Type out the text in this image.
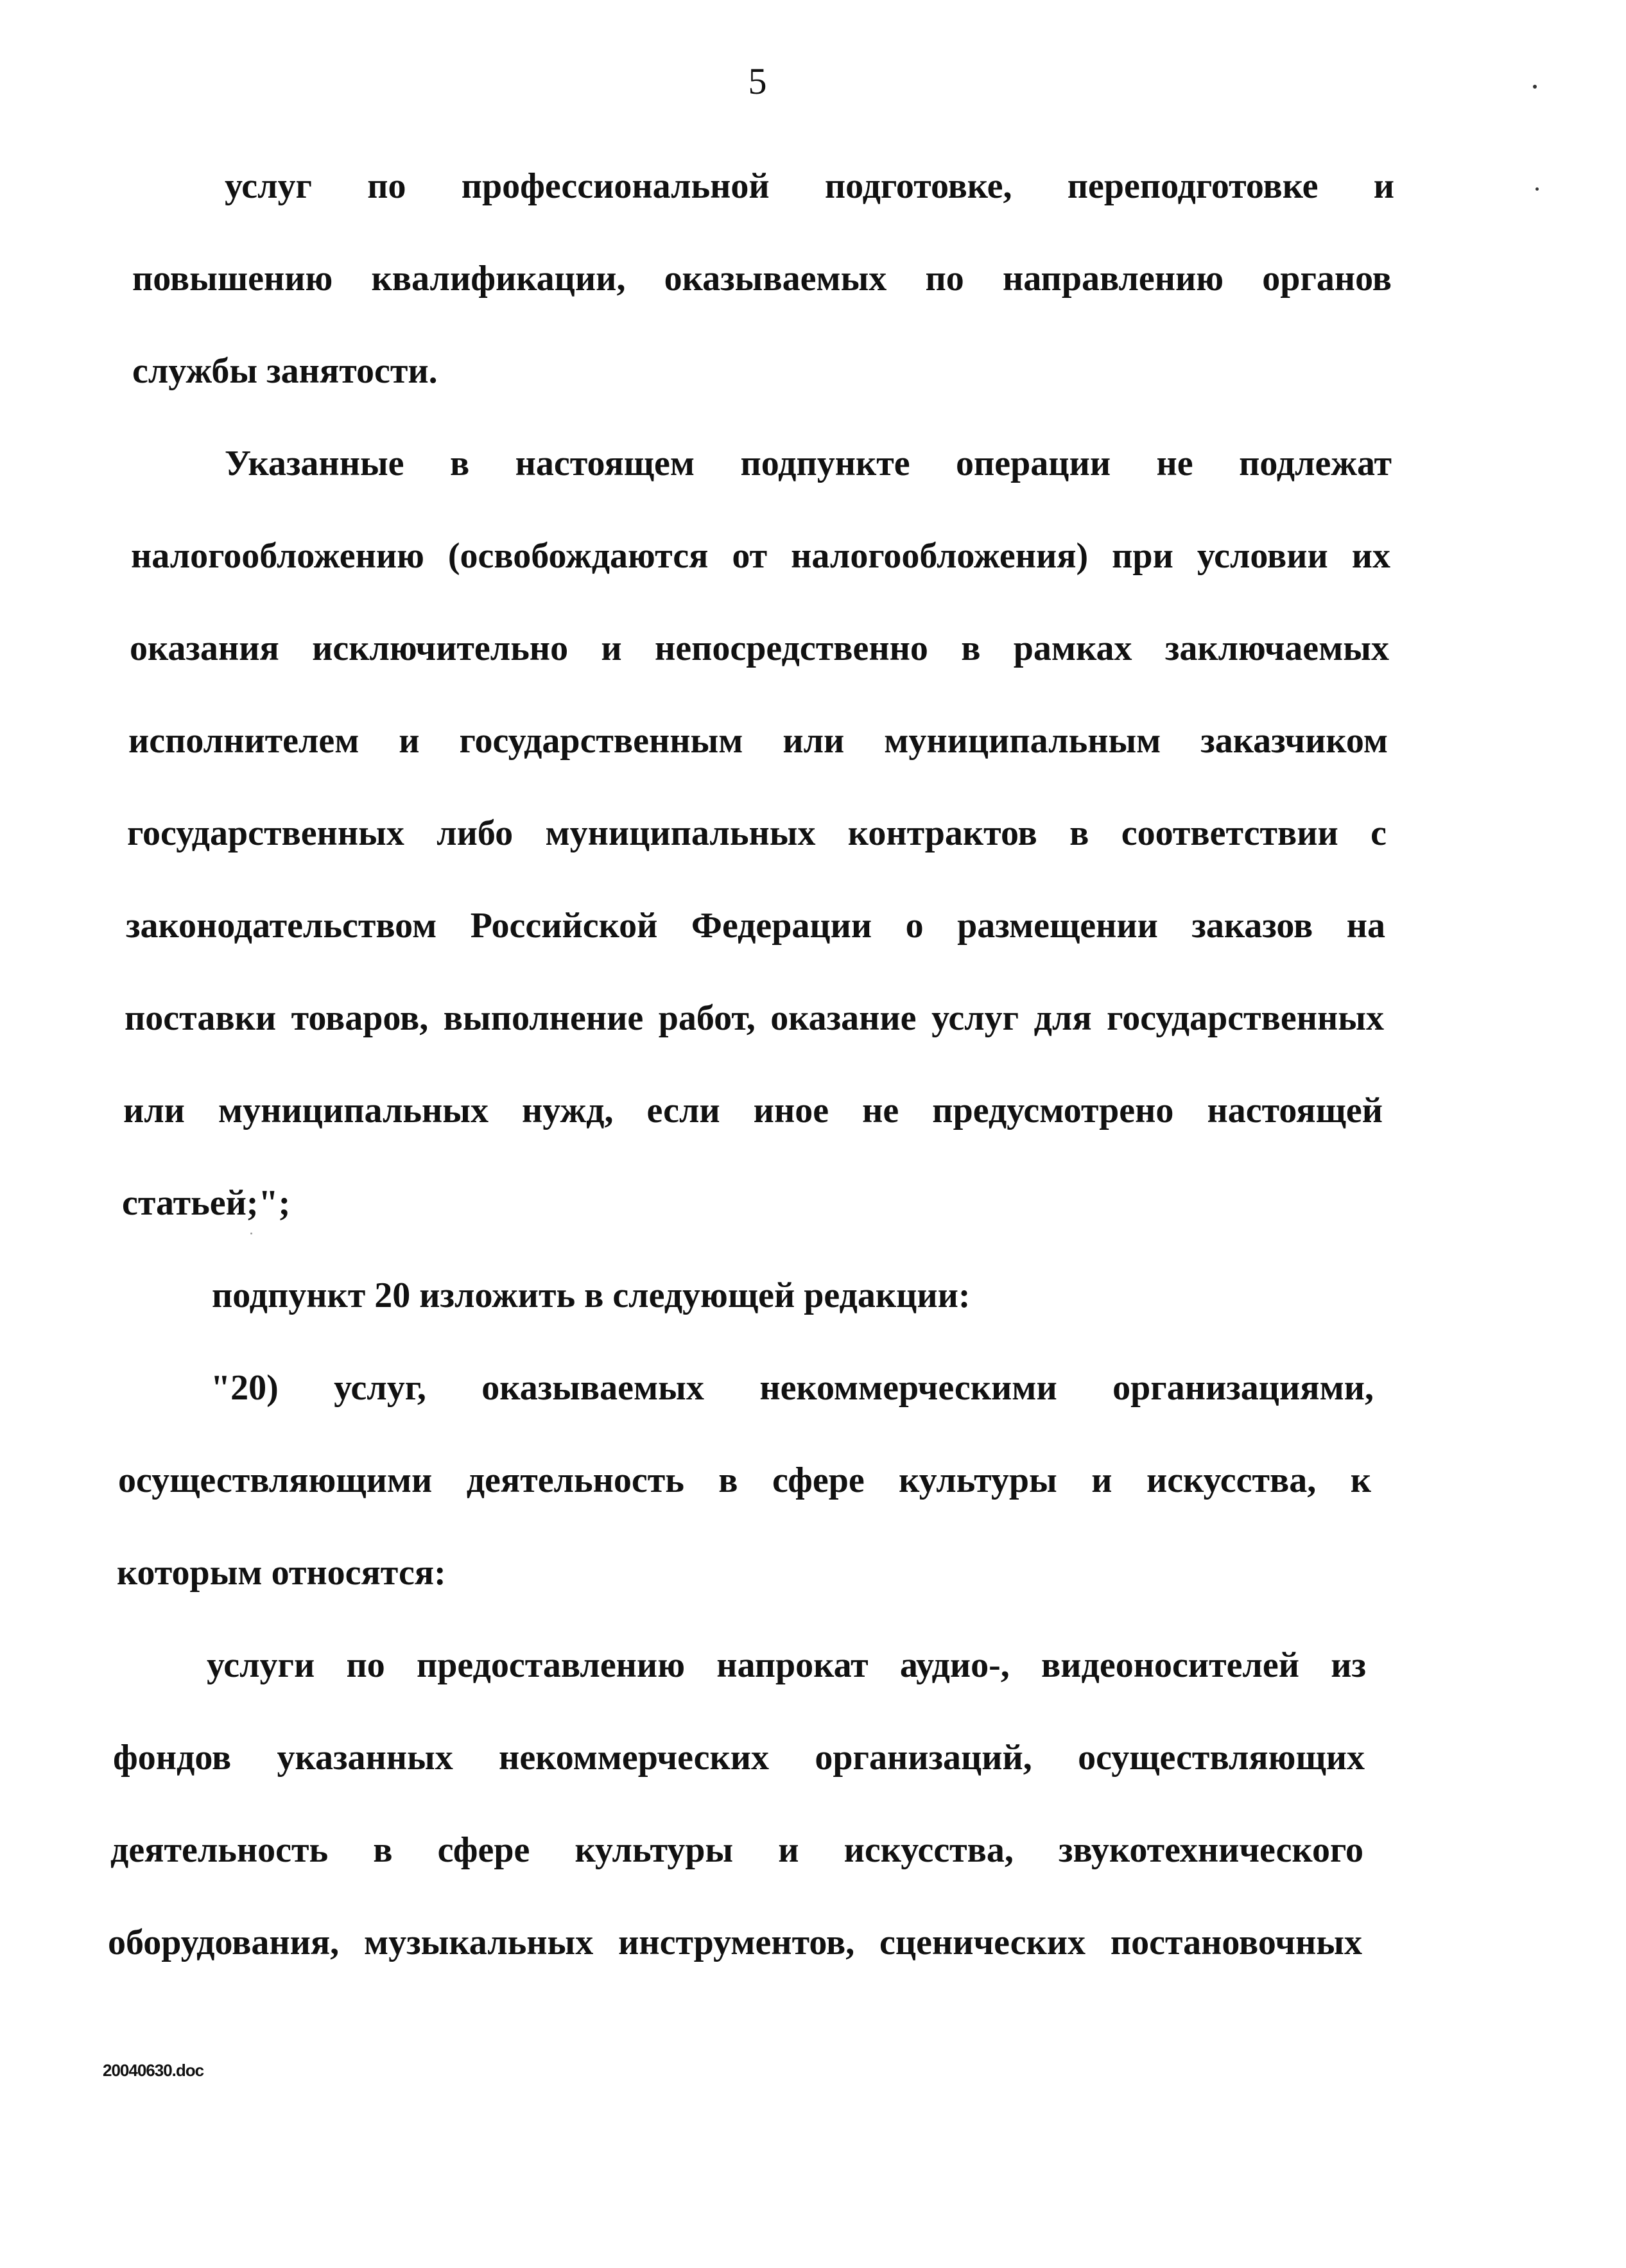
5
услуг по профессиональной подготовке, переподготовке и
повышению квалификации, оказываемых по направлению органов
службы занятости.
Указанные в настоящем подпункте операции не подлежат
налогообложению (освобождаются от налогообложения) при условии их
оказания исключительно и непосредственно в рамках заключаемых
исполнителем и государственным или муниципальным заказчиком
государственных либо муниципальных контрактов в соответствии с
законодательством Российской Федерации о размещении заказов на
поставки товаров, выполнение работ, оказание услуг для государственных
или муниципальных нужд, если иное не предусмотрено настоящей
статьей;";
подпункт 20 изложить в следующей редакции:
"20) услуг, оказываемых некоммерческими организациями,
осуществляющими деятельность в сфере культуры и искусства, к
которым относятся:
услуги по предоставлению напрокат аудио-, видеоносителей из
фондов указанных некоммерческих организаций, осуществляющих
деятельность в сфере культуры и искусства, звукотехнического
оборудования, музыкальных инструментов, сценических постановочных
20040630.doc
